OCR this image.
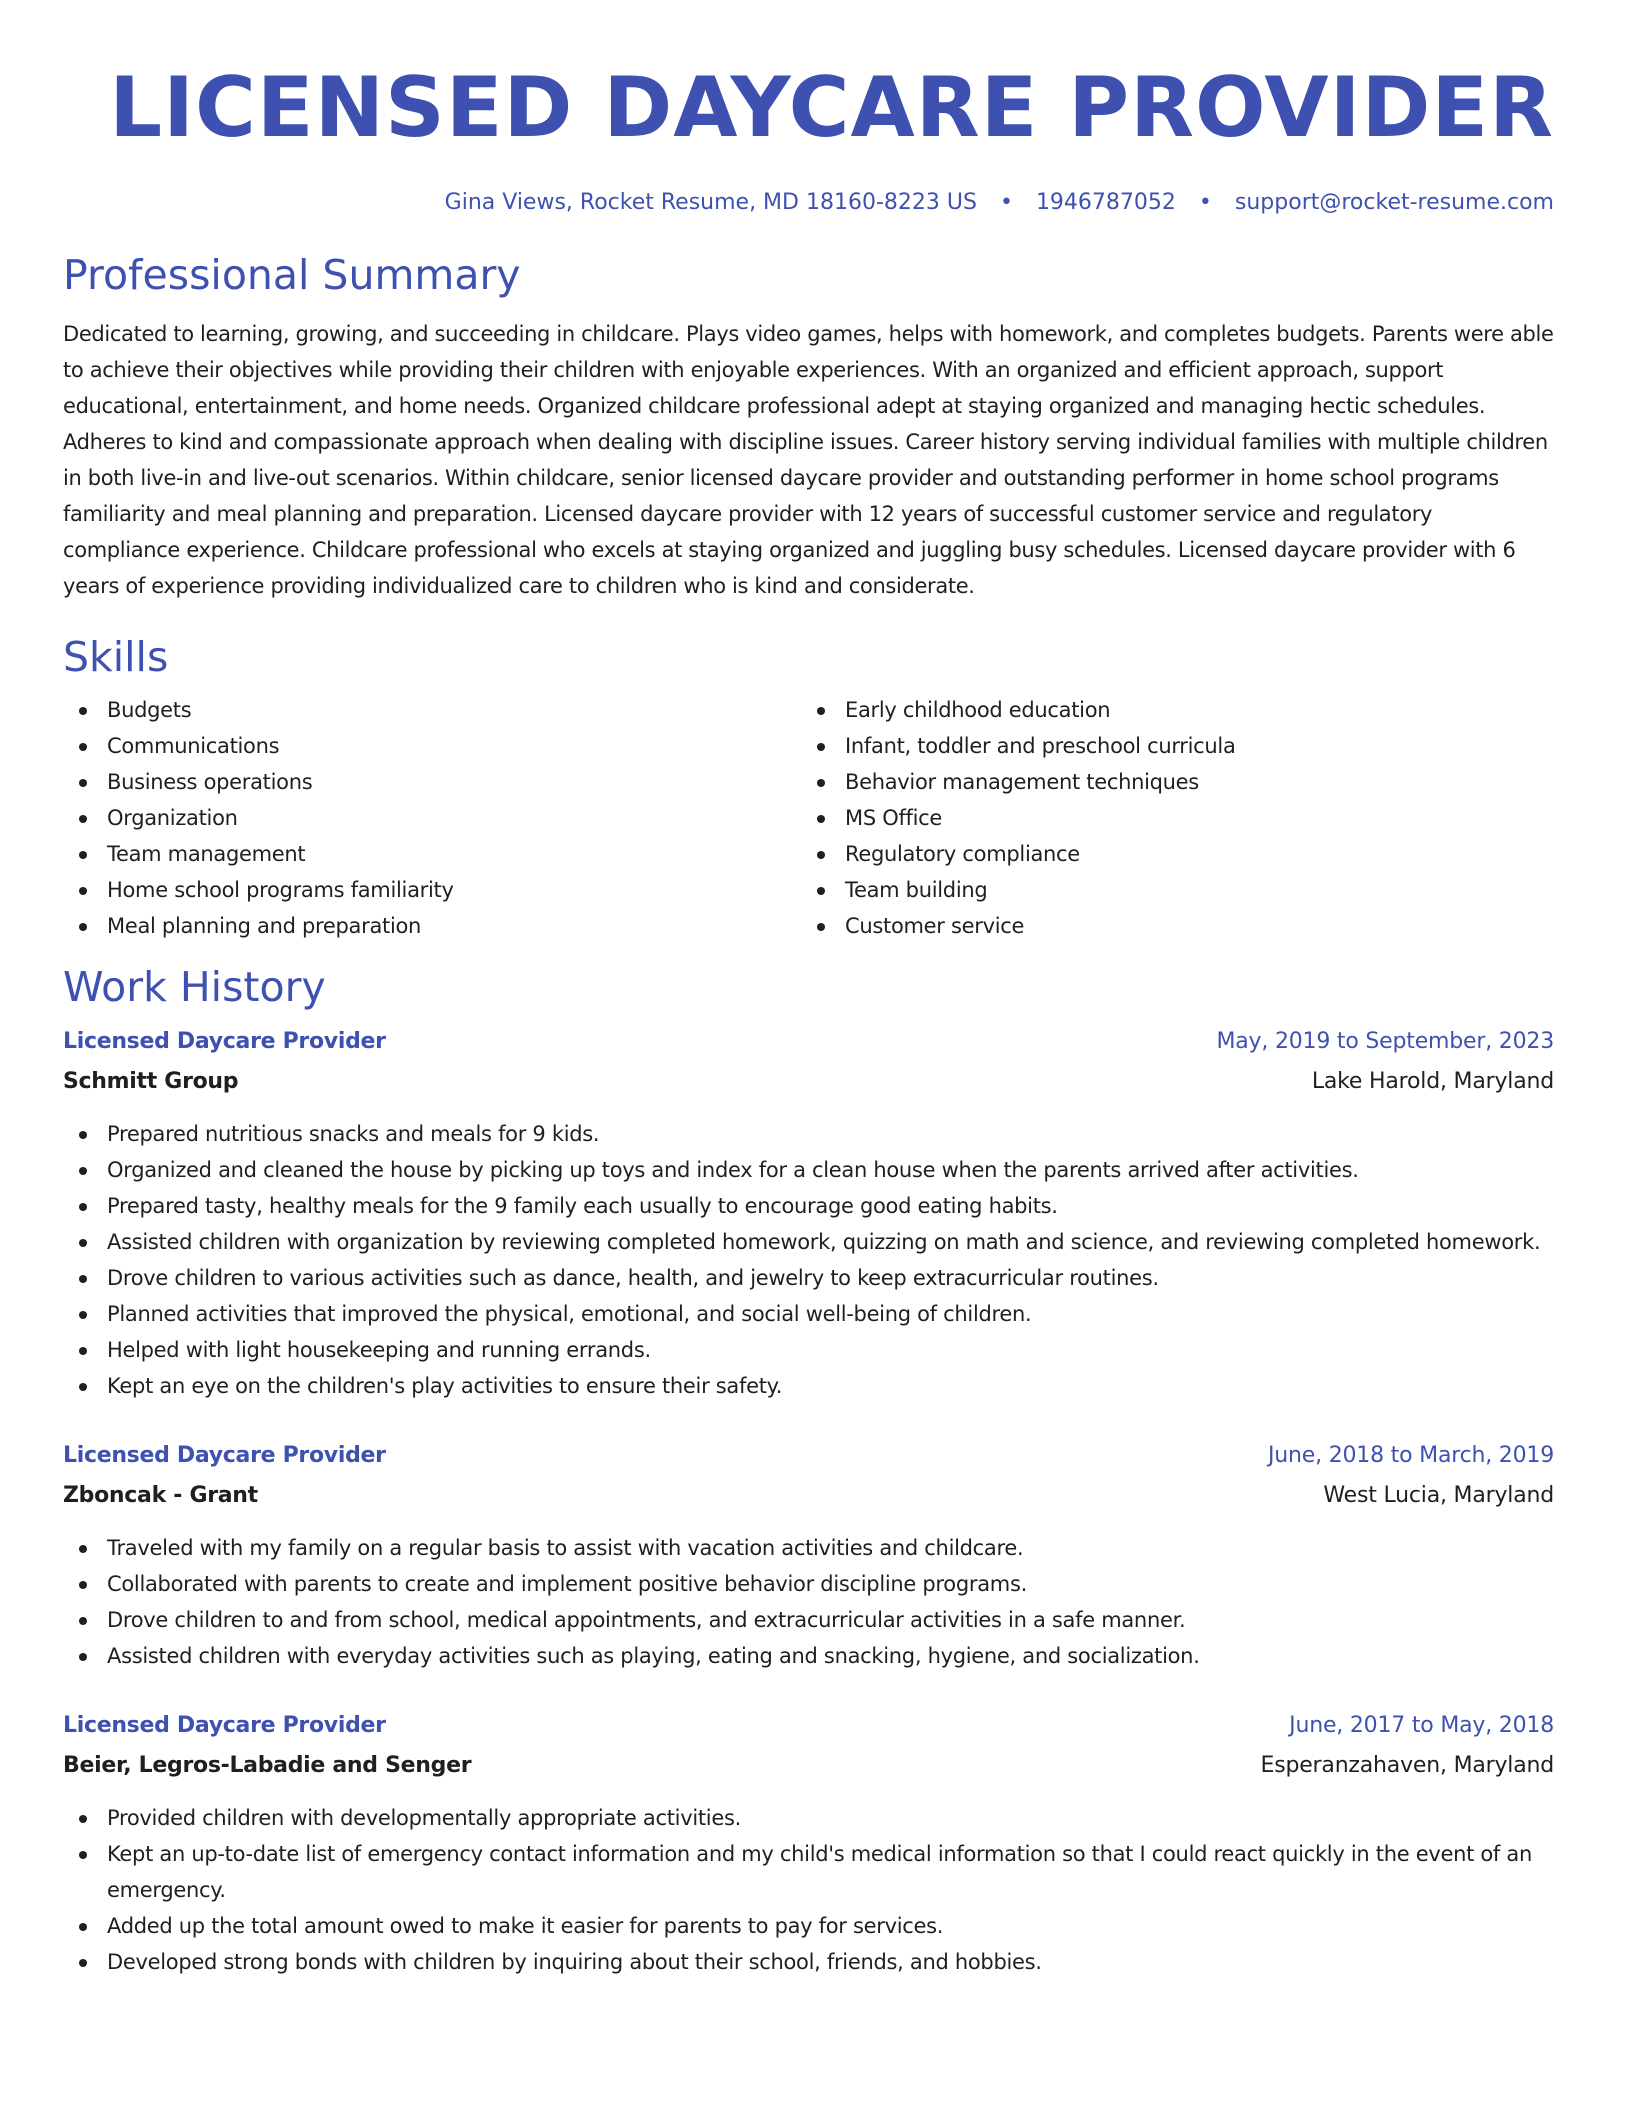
LICENSED DAYCARE PROVIDER
Gina Views, Rocket Resume, MD 18160-8223 US • 1946787052 • support@rocket-resume.com
Professional Summary
Dedicated to learning, growing, and succeeding in childcare. Plays video games, helps with homework, and completes budgets. Parents were able to achieve their objectives while providing their children with enjoyable experiences. With an organized and efficient approach, support educational, entertainment, and home needs. Organized childcare professional adept at staying organized and managing hectic schedules. Adheres to kind and compassionate approach when dealing with discipline issues. Career history serving individual families with multiple children in both live-in and live-out scenarios. Within childcare, senior licensed daycare provider and outstanding performer in home school programs familiarity and meal planning and preparation. Licensed daycare provider with 12 years of successful customer service and regulatory compliance experience. Childcare professional who excels at staying organized and juggling busy schedules. Licensed daycare provider with 6 years of experience providing individualized care to children who is kind and considerate.
Skills
Budgets
Communications
Business operations
Organization
Team management
Home school programs familiarity
Meal planning and preparation
Early childhood education
Infant, toddler and preschool curricula
Behavior management techniques
MS Office
Regulatory compliance
Team building
Customer service
Work History
Licensed Daycare Provider	May, 2019 to September, 2023
Schmitt Group	Lake Harold, Maryland
Prepared nutritious snacks and meals for 9 kids.
Organized and cleaned the house by picking up toys and index for a clean house when the parents arrived after activities.
Prepared tasty, healthy meals for the 9 family each usually to encourage good eating habits.
Assisted children with organization by reviewing completed homework, quizzing on math and science, and reviewing completed homework.
Drove children to various activities such as dance, health, and jewelry to keep extracurricular routines.
Planned activities that improved the physical, emotional, and social well-being of children.
Helped with light housekeeping and running errands.
Kept an eye on the children's play activities to ensure their safety.
Licensed Daycare Provider	June, 2018 to March, 2019
Zboncak - Grant	West Lucia, Maryland
Traveled with my family on a regular basis to assist with vacation activities and childcare.
Collaborated with parents to create and implement positive behavior discipline programs.
Drove children to and from school, medical appointments, and extracurricular activities in a safe manner.
Assisted children with everyday activities such as playing, eating and snacking, hygiene, and socialization.
Licensed Daycare Provider	June, 2017 to May, 2018
Beier, Legros-Labadie and Senger	Esperanzahaven, Maryland
Provided children with developmentally appropriate activities.
Kept an up-to-date list of emergency contact information and my child's medical information so that I could react quickly in the event of an emergency.
Added up the total amount owed to make it easier for parents to pay for services.
Developed strong bonds with children by inquiring about their school, friends, and hobbies.
